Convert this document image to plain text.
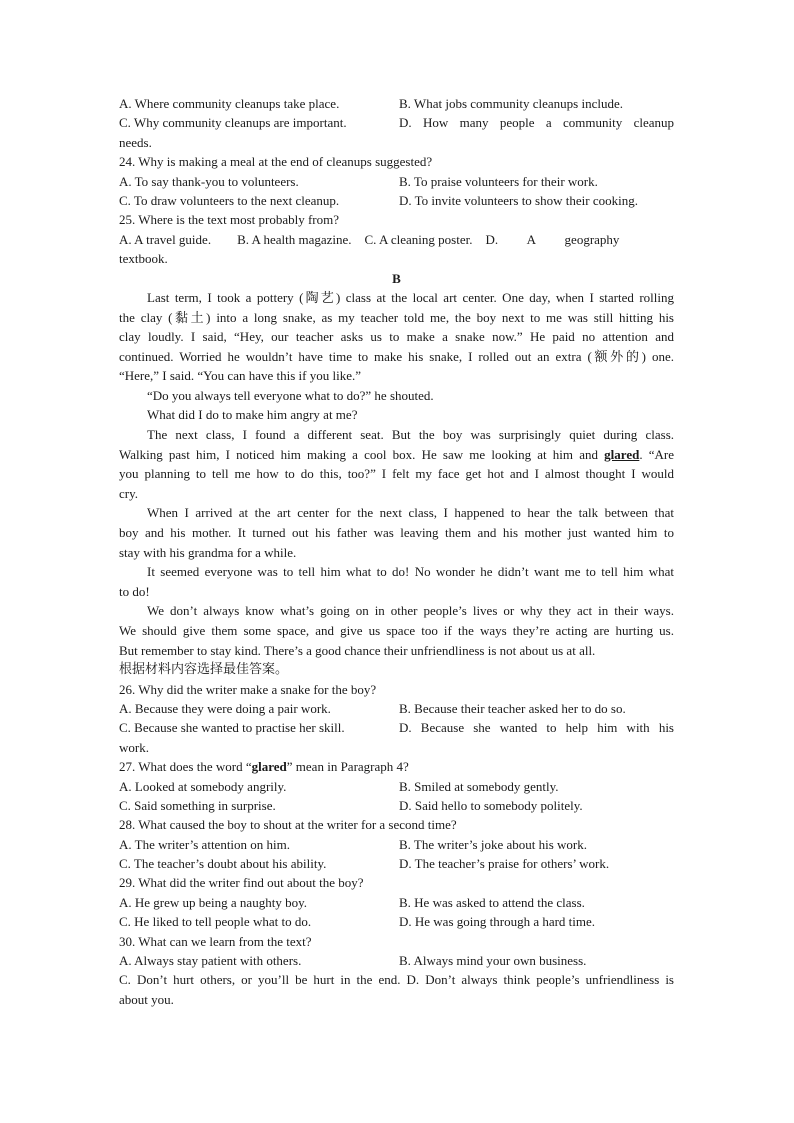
A. Where community cleanups take place.	B. What jobs community cleanups include.
C. Why community cleanups are important.	D. How many people a community cleanup
needs.
24. Why is making a meal at the end of cleanups suggested?
A. To say thank-you to volunteers.	B. To praise volunteers for their work.
C. To draw volunteers to the next cleanup.	D. To invite volunteers to show their cooking.
25. Where is the text most probably from?
A. A travel guide.        B. A health magazine.    C. A cleaning poster.    D.         A         geography
textbook.
B
Last term, I took a pottery (陶艺) class at the local art center. One day, when I started rolling
the clay (黏土) into a long snake, as my teacher told me, the boy next to me was still hitting his
clay loudly. I said, “Hey, our teacher asks us to make a snake now.” He paid no attention and
continued. Worried he wouldn’t have time to make his snake, I rolled out an extra (额外的) one.
“Here,” I said. “You can have this if you like.”
“Do you always tell everyone what to do?” he shouted.
What did I do to make him angry at me?
The next class, I found a different seat. But the boy was surprisingly quiet during class.
Walking past him, I noticed him making a cool box. He saw me looking at him and glared. “Are
you planning to tell me how to do this, too?” I felt my face get hot and I almost thought I would
cry.
When I arrived at the art center for the next class, I happened to hear the talk between that
boy and his mother. It turned out his father was leaving them and his mother just wanted him to
stay with his grandma for a while.
It seemed everyone was to tell him what to do! No wonder he didn’t want me to tell him what
to do!
We don’t always know what’s going on in other people’s lives or why they act in their ways.
We should give them some space, and give us space too if the ways they’re acting are hurting us.
But remember to stay kind. There’s a good chance their unfriendliness is not about us at all.
根据材料内容选择最佳答案。
26. Why did the writer make a snake for the boy?
A. Because they were doing a pair work.	B. Because their teacher asked her to do so.
C. Because she wanted to practise her skill.	D. Because she wanted to help him with his
work.
27. What does the word “glared” mean in Paragraph 4?
A. Looked at somebody angrily.	B. Smiled at somebody gently.
C. Said something in surprise.	D. Said hello to somebody politely.
28. What caused the boy to shout at the writer for a second time?
A. The writer’s attention on him.	B. The writer’s joke about his work.
C. The teacher’s doubt about his ability.	D. The teacher’s praise for others’ work.
29. What did the writer find out about the boy?
A. He grew up being a naughty boy.	B. He was asked to attend the class.
C. He liked to tell people what to do.	D. He was going through a hard time.
30. What can we learn from the text?
A. Always stay patient with others.	B. Always mind your own business.
C. Don’t hurt others, or you’ll be hurt in the end. D. Don’t always think people’s unfriendliness is
about you.
